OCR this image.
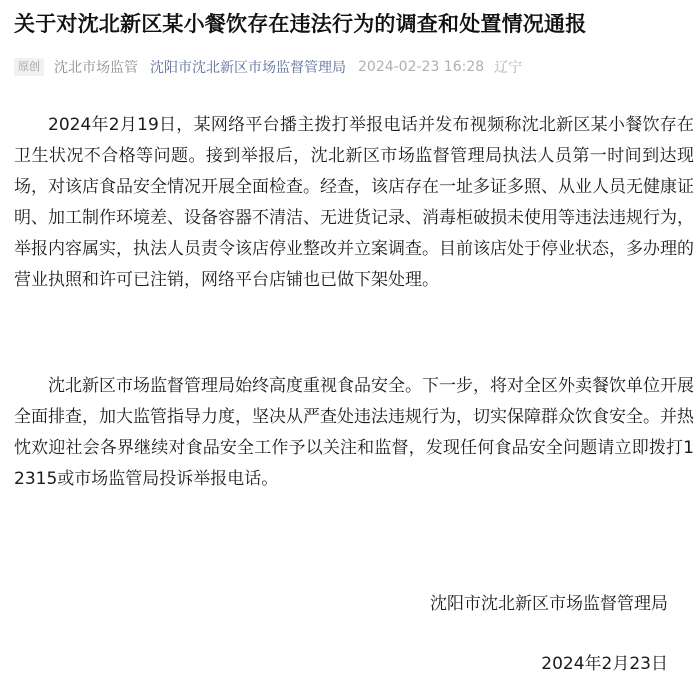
关于对沈北新区某小餐饮存在违法行为的调查和处置情况通报
原创 沈北市场监管 沈阳市沈北新区市场监督管理局 2024-02-23 16:28 辽宁

2024年2月19日，某网络平台播主拨打举报电话并发布视频称沈北新区某小餐饮存在卫生状况不合格等问题。接到举报后，沈北新区市场监督管理局执法人员第一时间到达现场，对该店食品安全情况开展全面检查。经查，该店存在一址多证多照、从业人员无健康证明、加工制作环境差、设备容器不清洁、无进货记录、消毒柜破损未使用等违法违规行为，举报内容属实，执法人员责令该店停业整改并立案调查。目前该店处于停业状态，多办理的营业执照和许可已注销，网络平台店铺也已做下架处理。

沈北新区市场监督管理局始终高度重视食品安全。下一步，将对全区外卖餐饮单位开展全面排查，加大监管指导力度，坚决从严查处违法违规行为，切实保障群众饮食安全。并热忱欢迎社会各界继续对食品安全工作予以关注和监督，发现任何食品安全问题请立即拨打12315或市场监管局投诉举报电话。

沈阳市沈北新区市场监督管理局
2024年2月23日
